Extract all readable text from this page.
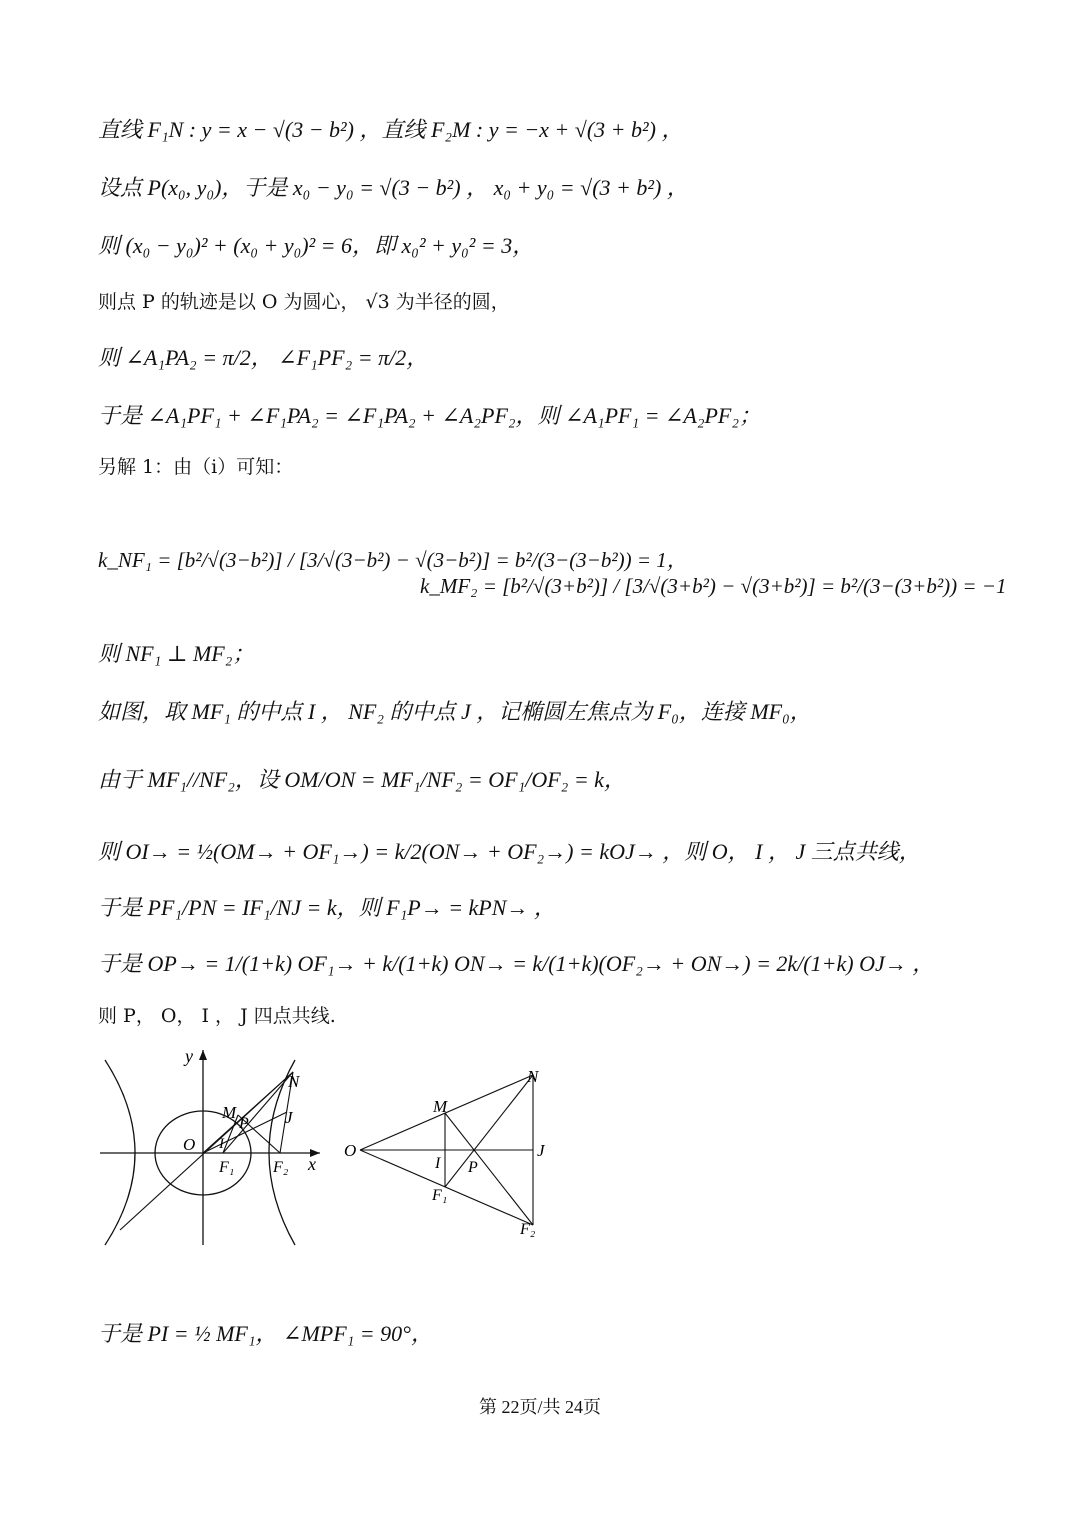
直线 F₁N : y = x − √(3 − b²) ，直线 F₂M : y = −x + √(3 + b²) ，
设点 P(x₀, y₀)，于是 x₀ − y₀ = √(3 − b²) ， x₀ + y₀ = √(3 + b²) ，
则 (x₀ − y₀)² + (x₀ + y₀)² = 6，即 x₀² + y₀² = 3，
则点 P 的轨迹是以 O 为圆心， √3 为半径的圆，
则 ∠A₁PA₂ = π/2， ∠F₁PF₂ = π/2，
于是 ∠A₁PF₁ + ∠F₁PA₂ = ∠F₁PA₂ + ∠A₂PF₂，则 ∠A₁PF₁ = ∠A₂PF₂；
另解 1：由（i）可知：
k_NF₁ = [b²/√(3−b²)] / [3/√(3−b²) − √(3−b²)] = b²/(3−(3−b²)) = 1，
k_MF₂ = [b²/√(3+b²)] / [3/√(3+b²) − √(3+b²)] = b²/(3−(3+b²)) = −1
则 NF₁ ⊥ MF₂；
如图，取 MF₁ 的中点 I ， NF₂ 的中点 J ，记椭圆左焦点为 F₀，连接 MF₀，
由于 MF₁//NF₂，设 OM/ON = MF₁/NF₂ = OF₁/OF₂ = k，
则 OI→ = ½(OM→ + OF₁→) = k/2(ON→ + OF₂→) = kOJ→ ，则 O， I ， J 三点共线，
于是 PF₁/PN = IF₁/NJ = k，则 F₁P→ = kPN→ ，
于是 OP→ = 1/(1+k) OF₁→ + k/(1+k) ON→ = k/(1+k)(OF₂→ + ON→) = 2k/(1+k) OJ→ ，
则 P， O， I ， J 四点共线.
y
x
N
M	J
P
O I
F₁ F₂
N
M
O	J
I P
F₁
F₂
于是 PI = ½ MF₁， ∠MPF₁ = 90°，
第 22页/共 24页
